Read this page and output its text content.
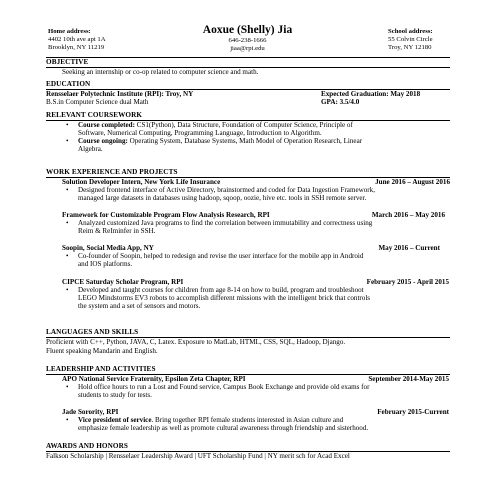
Home address:
4402 10th ave apt 1A
Brooklyn, NY 11219
Aoxue (Shelly) Jia
646-238-1666
jiaa@rpi.edu
School address:
55 Colvin Circle
Troy, NY 12180
OBJECTIVE
Seeking an internship or co-op related to computer science and math.
EDUCATION
Rensselaer Polytechnic Institute (RPI): Troy, NY	Expected Graduation: May 2018
B.S.in Computer Science dual Math	GPA: 3.5/4.0
RELEVANT COURSEWORK
• Course completed: CS1(Python), Data Structure, Foundation of Computer Science, Principle of
Software, Numerical Computing, Programming Language, Introduction to Algorithm.
• Course ongoing: Operating System, Database Systems, Math Model of Operation Research, Linear
Algebra.
WORK EXPERIENCE AND PROJECTS
Solution Developer Intern, New York Life Insurance	June 2016 – August 2016
• Designed frontend interface of Active Directory, brainstormed and coded for Data Ingestion Framework,
managed large datasets in databases using hadoop, sqoop, oozie, hive etc. tools in SSH remote server.
Framework for Customizable Program Flow Analysis Research, RPI	March 2016 – May 2016
• Analyzed customized Java programs to find the correlation between immutability and correctness using
Reim & ReIminfer in SSH.
Soopin, Social Media App, NY	May 2016 – Current
• Co-founder of Soopin, helped to redesign and revise the user interface for the mobile app in Android
and IOS platforms.
CIPCE Saturday Scholar Program, RPI	February 2015 - April 2015
• Developed and taught courses for children from age 8-14 on how to build, program and troubleshoot
LEGO Mindstorms EV3 robots to accomplish different missions with the intelligent brick that controls
the system and a set of sensors and motors.
LANGUAGES AND SKILLS
Proficient with C++, Python, JAVA, C, Latex. Exposure to MatLab, HTML, CSS, SQL, Hadoop, Django.
Fluent speaking Mandarin and English.
LEADERSHIP AND ACTIVITIES
APO National Service Fraternity, Epsilon Zeta Chapter, RPI	September 2014-May 2015
• Hold office hours to run a Lost and Found service, Campus Book Exchange and provide old exams for
students to study for tests.
Jade Sorority, RPI	February 2015-Current
• Vice president of service. Bring together RPI female students interested in Asian culture and
emphasize female leadership as well as promote cultural awareness through friendship and sisterhood.
AWARDS AND HONORS
Falkson Scholarship | Rensselaer Leadership Award | UFT Scholarship Fund | NY merit sch for Acad Excel
